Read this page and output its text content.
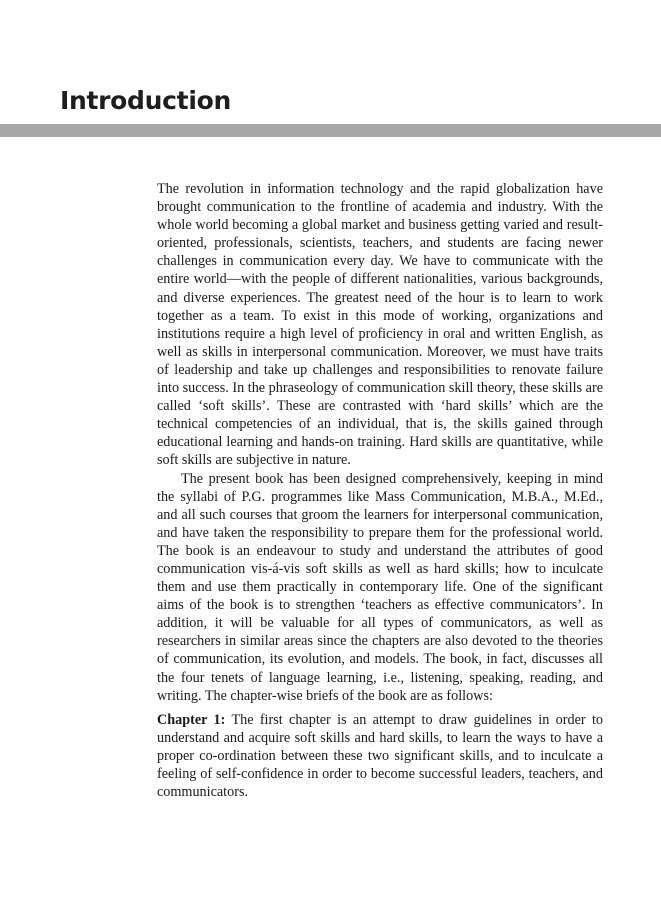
Introduction

The revolution in information technology and the rapid globalization have brought communication to the frontline of academia and industry. With the whole world becoming a global market and business getting varied and result-oriented, professionals, scientists, teachers, and students are facing newer challenges in communication every day. We have to communicate with the entire world—with the people of different nationalities, various backgrounds, and diverse experiences. The greatest need of the hour is to learn to work together as a team. To exist in this mode of working, organizations and institutions require a high level of proficiency in oral and written English, as well as skills in interpersonal communication. Moreover, we must have traits of leadership and take up challenges and responsibilities to renovate failure into success. In the phraseology of communication skill theory, these skills are called ‘soft skills’. These are contrasted with ‘hard skills’ which are the technical competencies of an individual, that is, the skills gained through educational learning and hands-on training. Hard skills are quantitative, while soft skills are subjective in nature.

The present book has been designed comprehensively, keeping in mind the syllabi of P.G. programmes like Mass Communication, M.B.A., M.Ed., and all such courses that groom the learners for interpersonal communication, and have taken the responsibility to prepare them for the professional world. The book is an endeavour to study and understand the attributes of good communication vis-á-vis soft skills as well as hard skills; how to inculcate them and use them practically in contemporary life. One of the significant aims of the book is to strengthen ‘teachers as effective communicators’. In addition, it will be valuable for all types of communicators, as well as researchers in similar areas since the chapters are also devoted to the theories of communication, its evolution, and models. The book, in fact, discusses all the four tenets of language learning, i.e., listening, speaking, reading, and writing. The chapter-wise briefs of the book are as follows:

Chapter 1: The first chapter is an attempt to draw guidelines in order to understand and acquire soft skills and hard skills, to learn the ways to have a proper co-ordination between these two significant skills, and to inculcate a feeling of self-confidence in order to become successful leaders, teachers, and communicators.
